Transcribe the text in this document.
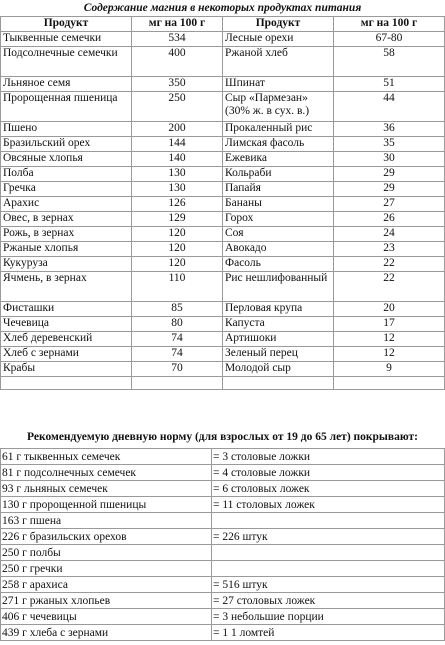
Содержание магния в некоторых продуктах питания
Продукт	мг на 100 г	Продукт	мг на 100 г
Тыквенные семечки	534	Лесные орехи	67-80
Подсолнечные семечки	400	Ржаной хлеб	58
Льняное семя	350	Шпинат	51
Пророщенная пшеница	250	Сыр «Пармезан» (30% ж. в сух. в.)	44
Пшено	200	Прокаленный рис	36
Бразильский орех	144	Лимская фасоль	35
Овсяные хлопья	140	Ежевика	30
Полба	130	Кольраби	29
Гречка	130	Папайя	29
Арахис	126	Бананы	27
Овес, в зернах	129	Горох	26
Рожь, в зернах	120	Соя	24
Ржаные хлопья	120	Авокадо	23
Кукуруза	120	Фасоль	22
Ячмень, в зернах	110	Рис нешлифованный	22
Фисташки	85	Перловая крупа	20
Чечевица	80	Капуста	17
Хлеб деревенский	74	Артишоки	12
Хлеб с зернами	74	Зеленый перец	12
Крабы	70	Молодой сыр	9

Рекомендуемую дневную норму (для взрослых от 19 до 65 лет) покрывают:
61 г тыквенных семечек	= 3 столовые ложки
81 г подсолнечных семечек	= 4 столовые ложки
93 г льняных семечек	= 6 столовых ложек
130 г пророщенной пшеницы	= 11 столовых ложек
163 г пшена	
226 г бразильских орехов	= 226 штук
250 г полбы	
250 г гречки	
258 г арахиса	= 516 штук
271 г ржаных хлопьев	= 27 столовых ложек
406 г чечевицы	= 3 небольшие порции
439 г хлеба с зернами	= 1 1 ломтей
